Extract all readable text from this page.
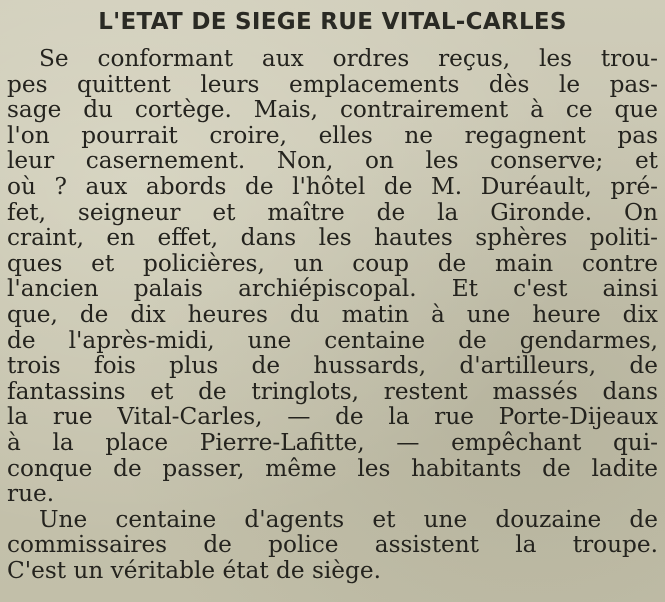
L'ETAT DE SIEGE RUE VITAL-CARLES
Se conformant aux ordres reçus, les trou-
pes quittent leurs emplacements dès le pas-
sage du cortège. Mais, contrairement à ce que
l'on pourrait croire, elles ne regagnent pas
leur casernement. Non, on les conserve; et
où ? aux abords de l'hôtel de M. Duréault, pré-
fet, seigneur et maître de la Gironde. On
craint, en effet, dans les hautes sphères politi-
ques et policières, un coup de main contre
l'ancien palais archiépiscopal. Et c'est ainsi
que, de dix heures du matin à une heure dix
de l'après-midi, une centaine de gendarmes,
trois fois plus de hussards, d'artilleurs, de
fantassins et de tringlots, restent massés dans
la rue Vital-Carles, — de la rue Porte-Dijeaux
à la place Pierre-Lafitte, — empêchant qui-
conque de passer, même les habitants de ladite
rue.
Une centaine d'agents et une douzaine de
commissaires de police assistent la troupe.
C'est un véritable état de siège.
